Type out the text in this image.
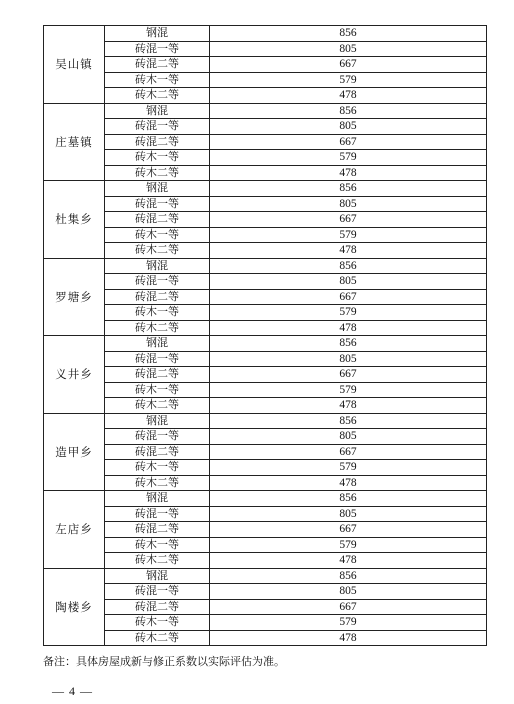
吴山镇	钢混	856
	砖混一等	805
	砖混二等	667
	砖木一等	579
	砖木二等	478
庄墓镇	钢混	856
	砖混一等	805
	砖混二等	667
	砖木一等	579
	砖木二等	478
杜集乡	钢混	856
	砖混一等	805
	砖混二等	667
	砖木一等	579
	砖木二等	478
罗塘乡	钢混	856
	砖混一等	805
	砖混二等	667
	砖木一等	579
	砖木二等	478
义井乡	钢混	856
	砖混一等	805
	砖混二等	667
	砖木一等	579
	砖木二等	478
造甲乡	钢混	856
	砖混一等	805
	砖混二等	667
	砖木一等	579
	砖木二等	478
左店乡	钢混	856
	砖混一等	805
	砖混二等	667
	砖木一等	579
	砖木二等	478
陶楼乡	钢混	856
	砖混一等	805
	砖混二等	667
	砖木一等	579
	砖木二等	478
备注：具体房屋成新与修正系数以实际评估为准。
— 4 —
